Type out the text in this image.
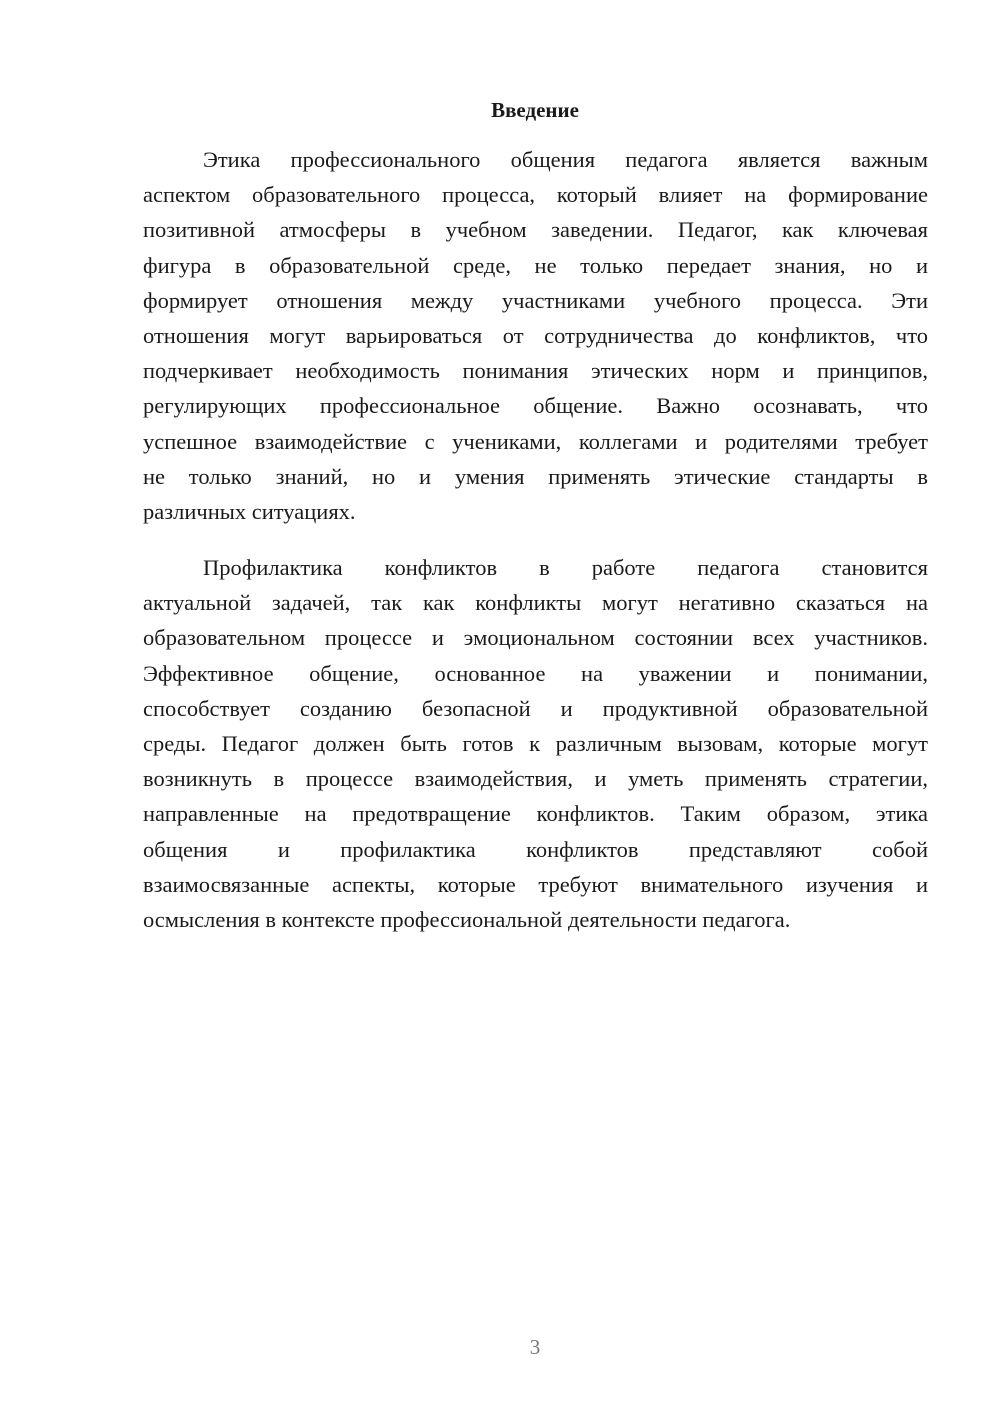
Введение
Этика профессионального общения педагога является важным
аспектом образовательного процесса, который влияет на формирование
позитивной атмосферы в учебном заведении. Педагог, как ключевая
фигура в образовательной среде, не только передает знания, но и
формирует отношения между участниками учебного процесса. Эти
отношения могут варьироваться от сотрудничества до конфликтов, что
подчеркивает необходимость понимания этических норм и принципов,
регулирующих профессиональное общение. Важно осознавать, что
успешное взаимодействие с учениками, коллегами и родителями требует
не только знаний, но и умения применять этические стандарты в
различных ситуациях.
Профилактика конфликтов в работе педагога становится
актуальной задачей, так как конфликты могут негативно сказаться на
образовательном процессе и эмоциональном состоянии всех участников.
Эффективное общение, основанное на уважении и понимании,
способствует созданию безопасной и продуктивной образовательной
среды. Педагог должен быть готов к различным вызовам, которые могут
возникнуть в процессе взаимодействия, и уметь применять стратегии,
направленные на предотвращение конфликтов. Таким образом, этика
общения и профилактика конфликтов представляют собой
взаимосвязанные аспекты, которые требуют внимательного изучения и
осмысления в контексте профессиональной деятельности педагога.
3
